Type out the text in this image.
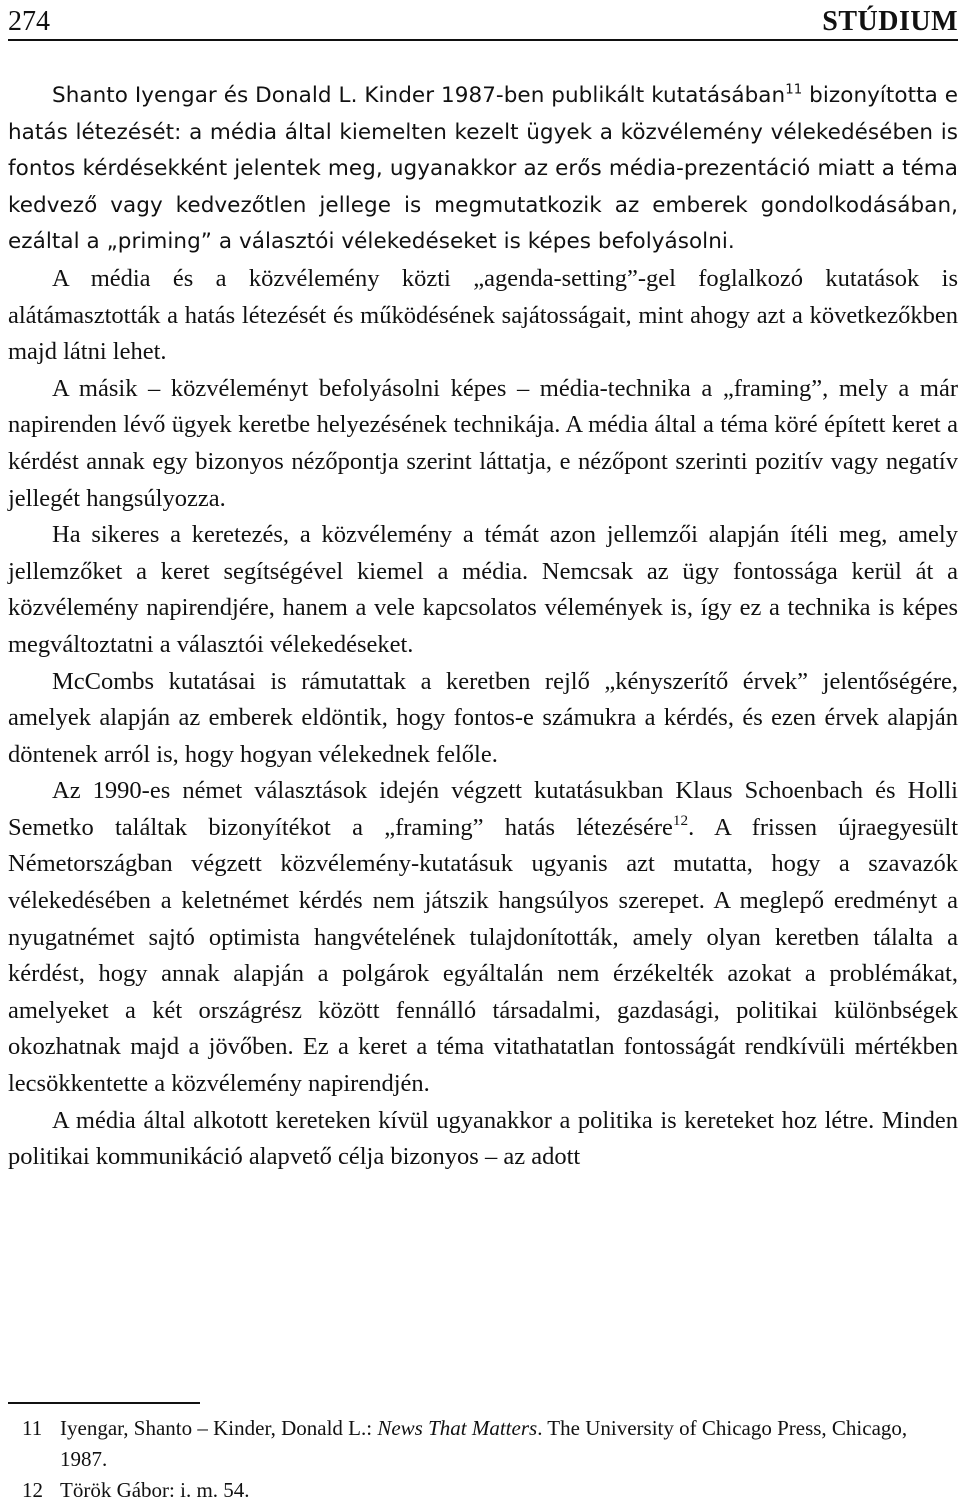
274	STÚDIUM

Shanto Iyengar és Donald L. Kinder 1987-ben publikált kutatásában$^{11}$ bizonyította e hatás létezését: a média által kiemelten kezelt ügyek a közvélemény vélekedésében is fontos kérdésekként jelentek meg, ugyanakkor az erős média-prezentáció miatt a téma kedvező vagy kedvezőtlen jellege is megmutatkozik az emberek gondolkodásában, ezáltal a „priming” a választói vélekedéseket is képes befolyásolni.

A média és a közvélemény közti „agenda-setting”-gel foglalkozó kutatások is alátámasztották a hatás létezését és működésének sajátosságait, mint ahogy azt a következőkben majd látni lehet.

A másik – közvéleményt befolyásolni képes – média-technika a „framing”, mely a már napirenden lévő ügyek keretbe helyezésének technikája. A média által a téma köré épített keret a kérdést annak egy bizonyos nézőpontja szerint láttatja, e nézőpont szerinti pozitív vagy negatív jellegét hangsúlyozza.

Ha sikeres a keretezés, a közvélemény a témát azon jellemzői alapján ítéli meg, amely jellemzőket a keret segítségével kiemel a média. Nemcsak az ügy fontossága kerül át a közvélemény napirendjére, hanem a vele kapcsolatos vélemények is, így ez a technika is képes megváltoztatni a választói vélekedéseket.

McCombs kutatásai is rámutattak a keretben rejlő „kényszerítő érvek” jelentőségére, amelyek alapján az emberek eldöntik, hogy fontos-e számukra a kérdés, és ezen érvek alapján döntenek arról is, hogy hogyan vélekednek felőle.

Az 1990-es német választások idején végzett kutatásukban Klaus Schoenbach és Holli Semetko találtak bizonyítékot a „framing” hatás létezésére$^{12}$. A frissen újraegyesült Németországban végzett közvélemény-kutatásuk ugyanis azt mutatta, hogy a szavazók vélekedésében a keletnémet kérdés nem játszik hangsúlyos szerepet. A meglepő eredményt a nyugatnémet sajtó optimista hangvételének tulajdonították, amely olyan keretben tálalta a kérdést, hogy annak alapján a polgárok egyáltalán nem érzékelték azokat a problémákat, amelyeket a két országrész között fennálló társadalmi, gazdasági, politikai különbségek okozhatnak majd a jövőben. Ez a keret a téma vitathatatlan fontosságát rendkívüli mértékben lecsökkentette a közvélemény napirendjén.

A média által alkotott kereteken kívül ugyanakkor a politika is kereteket hoz létre. Minden politikai kommunikáció alapvető célja bizonyos – az adott

11 Iyengar, Shanto – Kinder, Donald L.: News That Matters. The University of Chicago Press, Chicago, 1987.
12 Török Gábor: i. m. 54.
